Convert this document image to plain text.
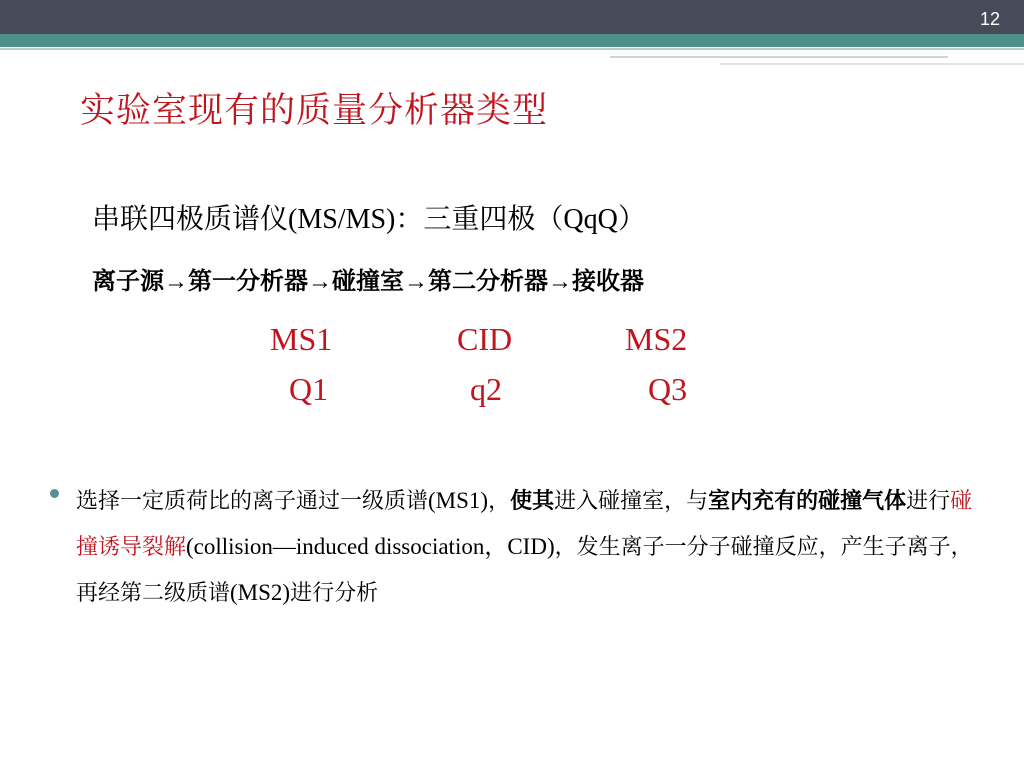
12
实验室现有的质量分析器类型
串联四极质谱仪(MS/MS)：三重四极（QqQ）
离子源→第一分析器→碰撞室→第二分析器→接收器
MS1	CID	MS2
Q1	q2	Q3
选择一定质荷比的离子通过一级质谱(MS1)，使其进入碰撞室，与室内充有的碰撞气体进行碰撞诱导裂解(collision—induced dissociation，CID)，发生离子一分子碰撞反应，产生子离子，再经第二级质谱(MS2)进行分析
